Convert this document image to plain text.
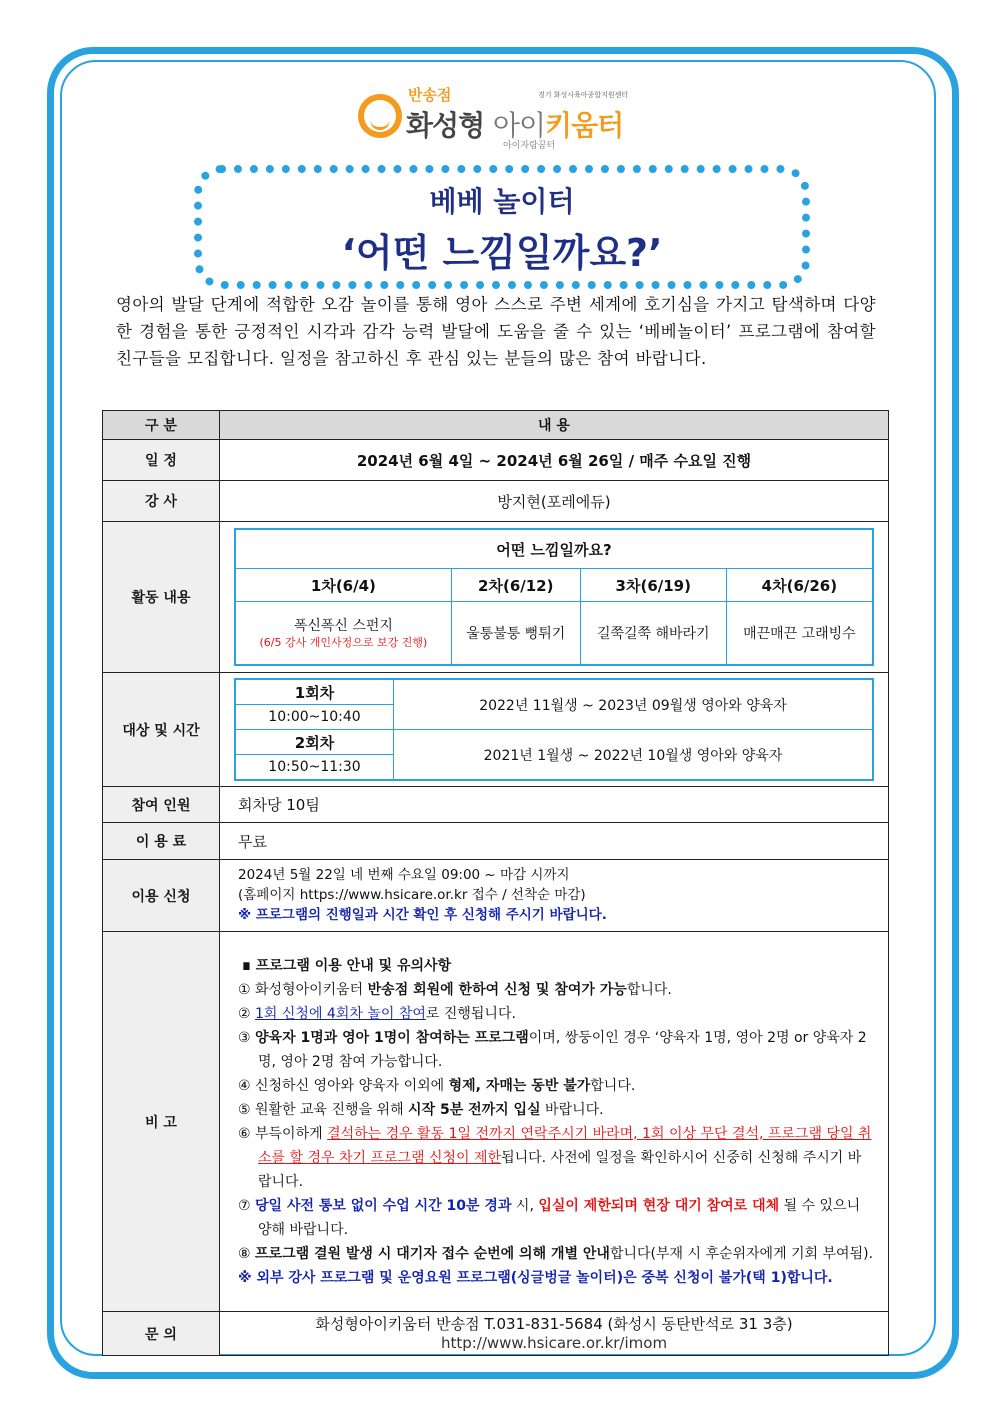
반송점	경기 화성시육아종합지원센터
화성형 아이키움터
아이자람꿈터
베베 놀이터
‘어떤 느낌일까요?’
영아의 발달 단계에 적합한 오감 놀이를 통해 영아 스스로 주변 세계에 호기심을 가지고 탐색하며 다양한 경험을 통한 긍정적인 시각과 감각 능력 발달에 도움을 줄 수 있는 ‘베베놀이터’ 프로그램에 참여할 친구들을 모집합니다. 일정을 참고하신 후 관심 있는 분들의 많은 참여 바랍니다.
구 분	내 용
일 정	2024년 6월 4일 ~ 2024년 6월 26일 / 매주 수요일 진행
강 사	방지현(포레에듀)
활동 내용	
어떤 느낌일까요?
1차(6/4)	2차(6/12)	3차(6/19)	4차(6/26)

폭신폭신 스펀지
(6/5 강사 개인사정으로 보강 진행)
	울퉁불퉁 뻥튀기	길쭉길쭉 해바라기	매끈매끈 고래빙수

대상 및 시간	
1회차	2022년 11월생 ~ 2023년 09월생 영아와 양육자
10:00~10:40
2회차	2021년 1월생 ~ 2022년 10월생 영아와 양육자
10:50~11:30

참여 인원	회차당 10팀
이 용 료	무료
이용 신청	
2024년 5월 22일 네 번째 수요일 09:00 ~ 마감 시까지
(홈페이지 https://www.hsicare.or.kr 접수 / 선착순 마감)
※ 프로그램의 진행일과 시간 확인 후 신청해 주시기 바랍니다.

비 고	
∎ 프로그램 이용 안내 및 유의사항
① 화성형아이키움터 반송점 회원에 한하여 신청 및 참여가 가능합니다.
② 1회 신청에 4회차 놀이 참여로 진행됩니다.
③ 양육자 1명과 영아 1명이 참여하는 프로그램이며, 쌍둥이인 경우 ‘양육자 1명, 영아 2명 or 양육자 2명, 영아 2명 참여 가능합니다.
④ 신청하신 영아와 양육자 이외에 형제, 자매는 동반 불가합니다.
⑤ 원활한 교육 진행을 위해 시작 5분 전까지 입실 바랍니다.
⑥ 부득이하게 결석하는 경우 활동 1일 전까지 연락주시기 바라며, 1회 이상 무단 결석, 프로그램 당일 취소를 할 경우 차기 프로그램 신청이 제한됩니다. 사전에 일정을 확인하시어 신중히 신청해 주시기 바랍니다.
⑦ 당일 사전 통보 없이 수업 시간 10분 경과 시, 입실이 제한되며 현장 대기 참여로 대체 될 수 있으니 양해 바랍니다.
⑧ 프로그램 결원 발생 시 대기자 접수 순번에 의해 개별 안내합니다(부재 시 후순위자에게 기회 부여됨).
※ 외부 강사 프로그램 및 운영요원 프로그램(싱글벙글 놀이터)은 중복 신청이 불가(택 1)합니다.

문 의	
화성형아이키움터 반송점 T.031-831-5684 (화성시 동탄반석로 31 3층)
http://www.hsicare.or.kr/imom
